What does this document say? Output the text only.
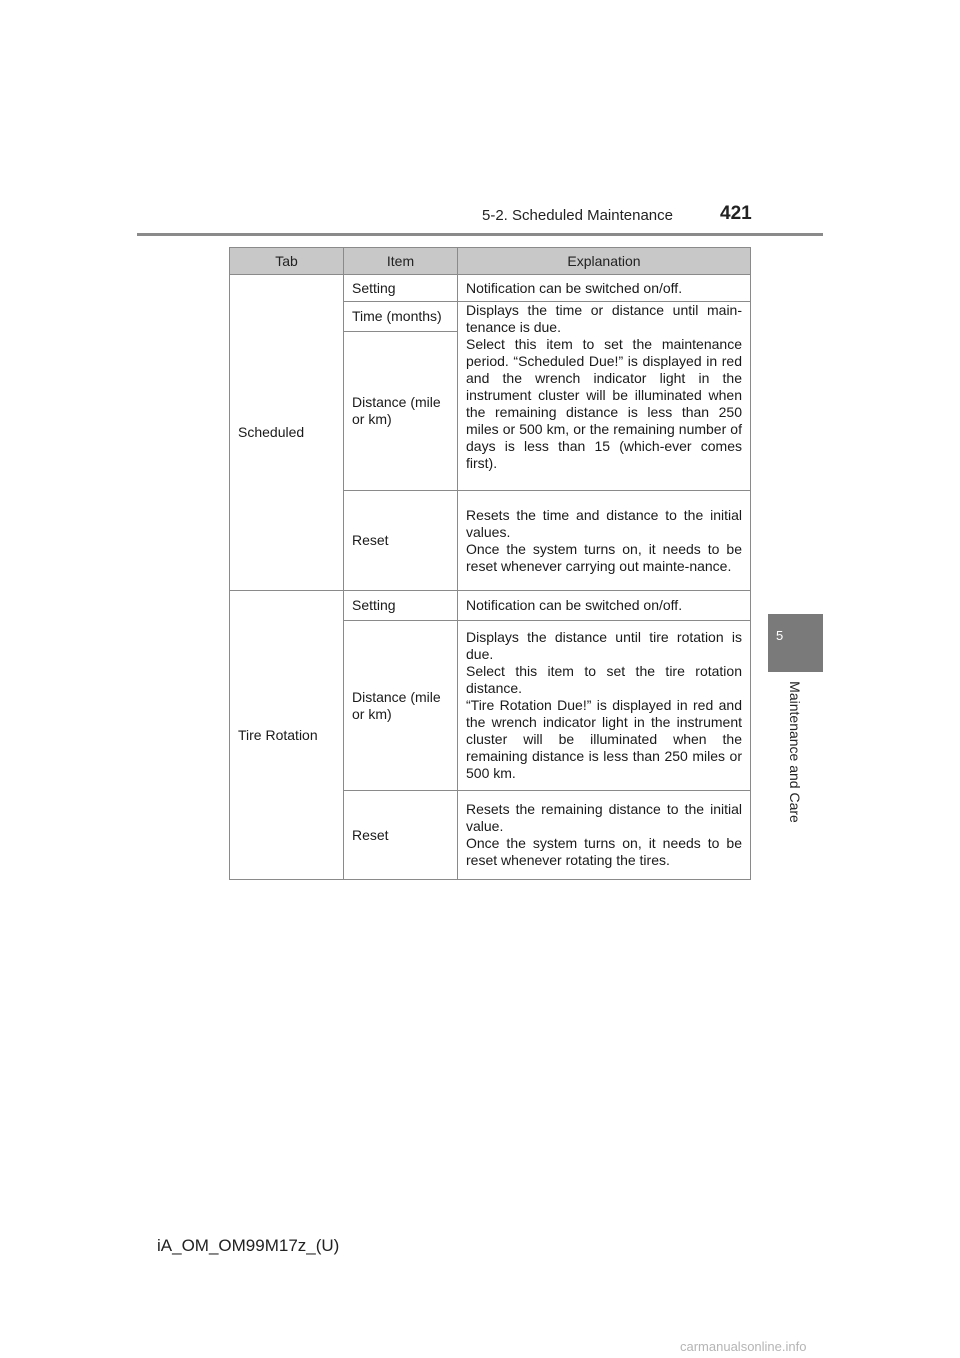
5-2. Scheduled Maintenance 421
5
Maintenance and Care
Tab	Item	Explanation
Scheduled	Setting	Notification can be switched on/off.
	Time (months)	Displays the time or distance until main-
tenance is due.
Select this item to set the maintenance period. “Scheduled Due!” is displayed in red and the wrench indicator light in the instrument cluster will be illuminated when the remaining distance is less than 250 miles or 500 km, or the remaining number of days is less than 15 (which-ever comes first).

	Distance (mile or km)	
	Reset	Resets the time and distance to the initial values.
Once the system turns on, it needs to be reset whenever carrying out mainte-nance.

Tire Rotation	Setting	Notification can be switched on/off.
	Distance (mile or km)	Displays the distance until tire rotation is due.
Select this item to set the tire rotation distance.
“Tire Rotation Due!” is displayed in red and the wrench indicator light in the instrument cluster will be illuminated when the remaining distance is less than 250 miles or 500 km.

	Reset	Resets the remaining distance to the initial value.
Once the system turns on, it needs to be reset whenever rotating the tires.
iA_OM_OM99M17z_(U)
carmanualsonline.info
